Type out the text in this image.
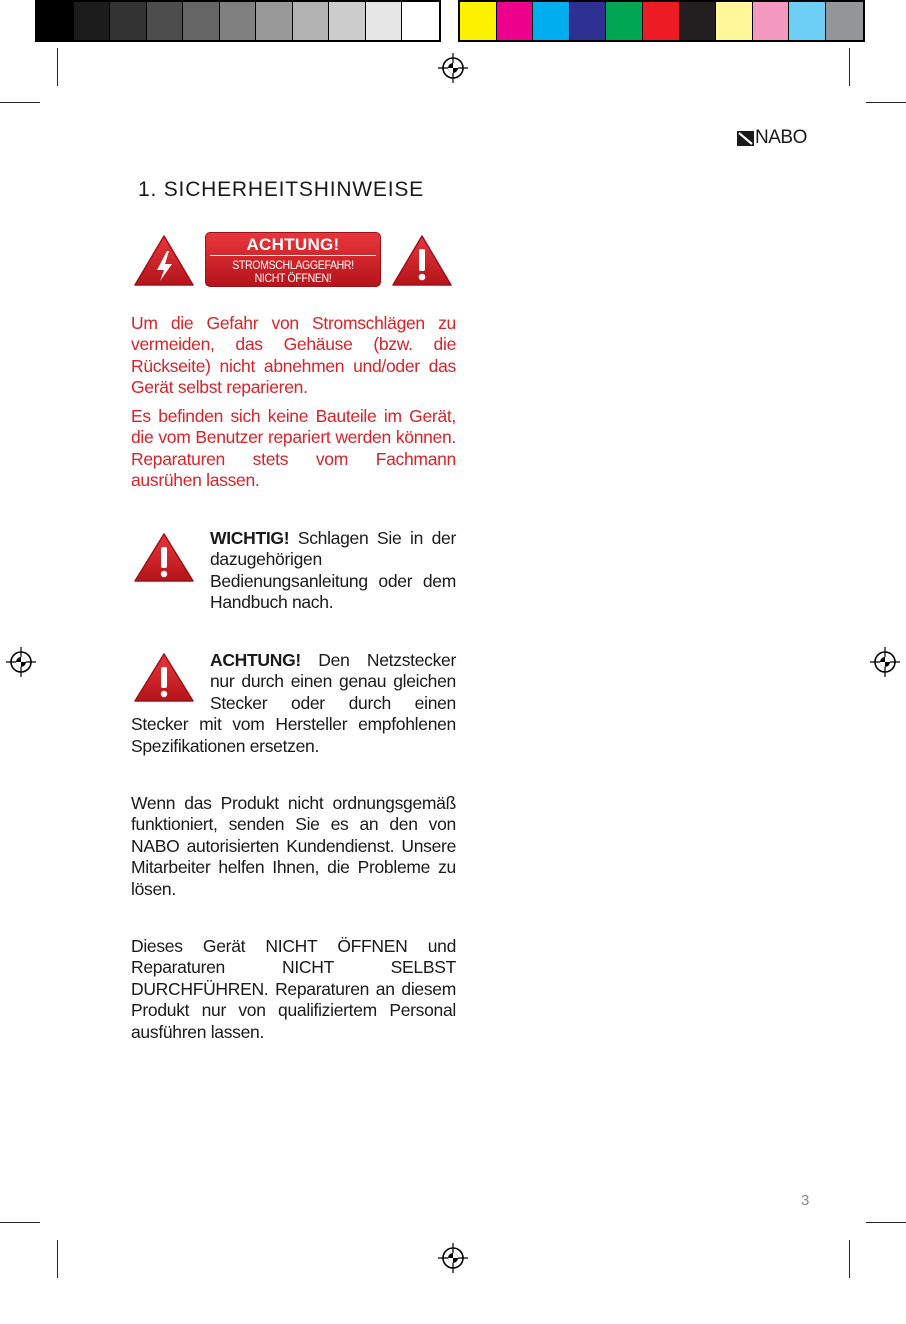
NABO
1. SICHERHEITSHINWEISE
ACHTUNG!
STROMSCHLAGGEFAHR!
NICHT ÖFFNEN!
Um die Gefahr von Stromschlägen zu vermeiden, das Gehäuse (bzw. die Rückseite) nicht abnehmen und/oder das Gerät selbst reparieren.
Es befinden sich keine Bauteile im Gerät, die vom Benutzer repariert werden können. Reparaturen stets vom Fachmann ausrühen lassen.
WICHTIG! Schlagen Sie in der dazugehörigen Bedienungsanleitung oder dem Handbuch nach.
ACHTUNG! Den Netzstecker nur durch einen genau gleichen Stecker oder durch einen Stecker mit vom Hersteller empfohlenen Spezifikationen ersetzen.
Wenn das Produkt nicht ordnungsgemäß funktioniert, senden Sie es an den von NABO autorisierten Kundendienst. Unsere Mitarbeiter helfen Ihnen, die Probleme zu lösen.
Dieses Gerät NICHT ÖFFNEN und Reparaturen NICHT SELBST DURCHFÜHREN. Reparaturen an diesem Produkt nur von qualifiziertem Personal ausführen lassen.
3
